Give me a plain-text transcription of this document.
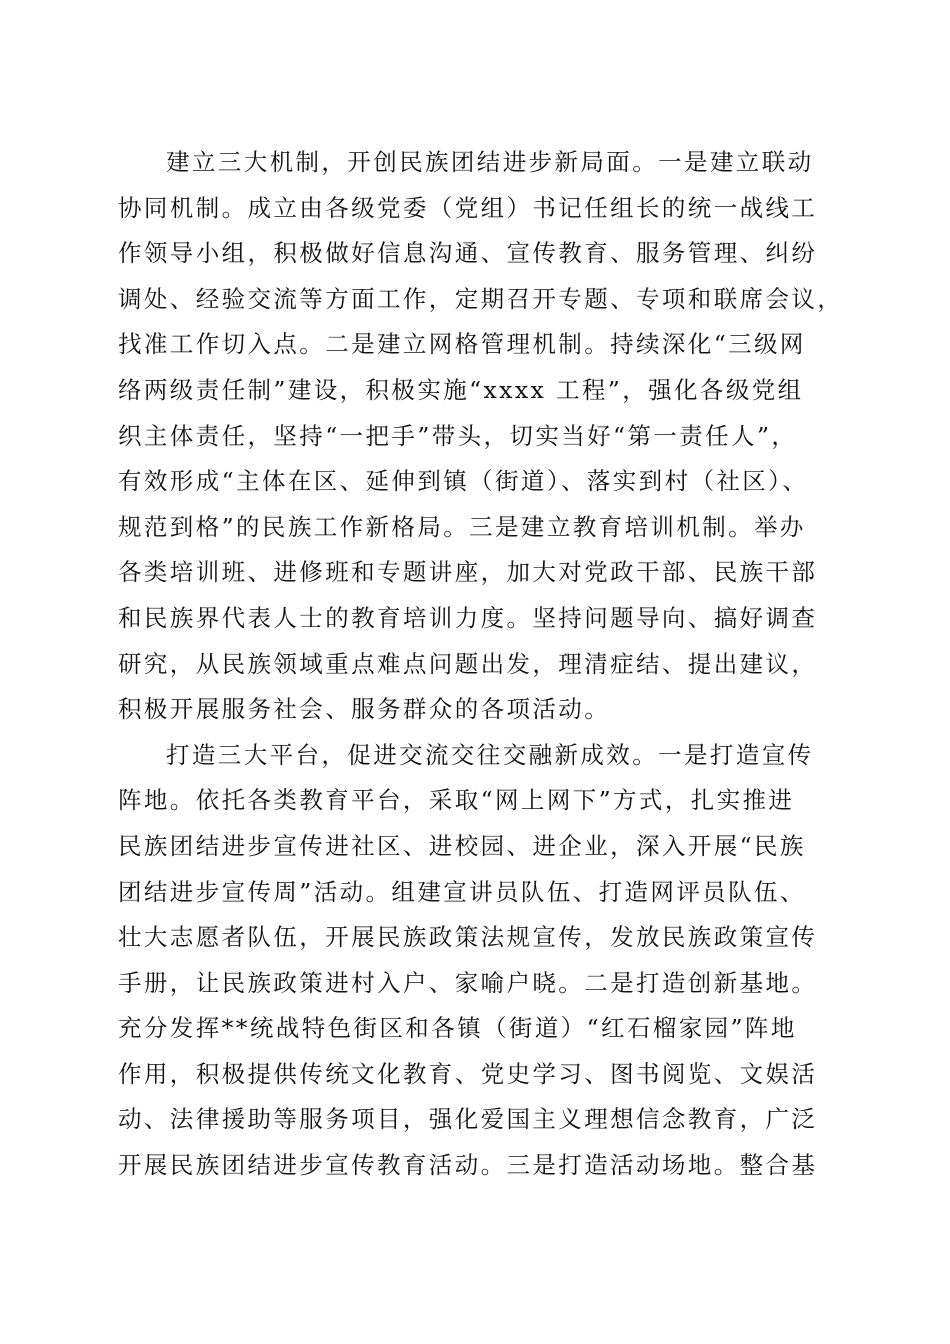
建立三大机制，开创民族团结进步新局面。一是建立联动
协同机制。成立由各级党委（党组）书记任组长的统一战线工
作领导小组，积极做好信息沟通、宣传教育、服务管理、纠纷
调处、经验交流等方面工作，定期召开专题、专项和联席会议，
找准工作切入点。二是建立网格管理机制。持续深化“三级网
络两级责任制”建设，积极实施“xxxx 工程”，强化各级党组
织主体责任，坚持“一把手”带头，切实当好“第一责任人”，
有效形成“主体在区、延伸到镇（街道）、落实到村（社区）、
规范到格”的民族工作新格局。三是建立教育培训机制。举办
各类培训班、进修班和专题讲座，加大对党政干部、民族干部
和民族界代表人士的教育培训力度。坚持问题导向、搞好调查
研究，从民族领域重点难点问题出发，理清症结、提出建议，
积极开展服务社会、服务群众的各项活动。

打造三大平台，促进交流交往交融新成效。一是打造宣传
阵地。依托各类教育平台，采取“网上网下”方式，扎实推进
民族团结进步宣传进社区、进校园、进企业，深入开展“民族
团结进步宣传周”活动。组建宣讲员队伍、打造网评员队伍、
壮大志愿者队伍，开展民族政策法规宣传，发放民族政策宣传
手册，让民族政策进村入户、家喻户晓。二是打造创新基地。
充分发挥**统战特色街区和各镇（街道）“红石榴家园”阵地
作用，积极提供传统文化教育、党史学习、图书阅览、文娱活
动、法律援助等服务项目，强化爱国主义理想信念教育，广泛
开展民族团结进步宣传教育活动。三是打造活动场地。整合基
